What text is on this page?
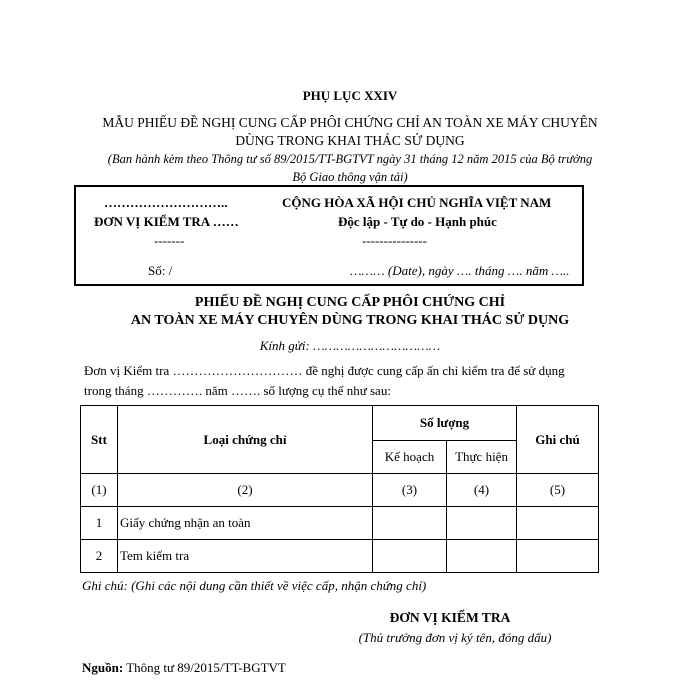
PHỤ LỤC XXIV
MẪU PHIẾU ĐỀ NGHỊ CUNG CẤP PHÔI CHỨNG CHỈ AN TOÀN XE MÁY CHUYÊN
DÙNG TRONG KHAI THÁC SỬ DỤNG
(Ban hành kèm theo Thông tư số 89/2015/TT-BGTVT ngày 31 tháng 12 năm 2015 của Bộ trưởng
Bộ Giao thông vận tải)
………………………..
ĐƠN VỊ KIỂM TRA ……
-------
Số: /
CỘNG HÒA XÃ HỘI CHỦ NGHĨA VIỆT NAM
Độc lập - Tự do - Hạnh phúc
---------------
……… (Date), ngày …. tháng …. năm …..
PHIẾU ĐỀ NGHỊ CUNG CẤP PHÔI CHỨNG CHỈ
AN TOÀN XE MÁY CHUYÊN DÙNG TRONG KHAI THÁC SỬ DỤNG
Kính gửi: ……………………………
Đơn vị Kiểm tra ………………………… đề nghị được cung cấp ấn chỉ kiểm tra để sử dụng
trong tháng …………. năm ……. số lượng cụ thể như sau:
Stt	Loại chứng chỉ	Số lượng		Ghi chú
		Kế hoạch	Thực hiện	
(1)	(2)	(3)	(4)	(5)
1	Giấy chứng nhận an toàn			
2	Tem kiểm tra			
Ghi chú: (Ghi các nội dung cần thiết về việc cấp, nhận chứng chỉ)
ĐƠN VỊ KIỂM TRA
(Thủ trưởng đơn vị ký tên, đóng dấu)
Nguồn: Thông tư 89/2015/TT-BGTVT
